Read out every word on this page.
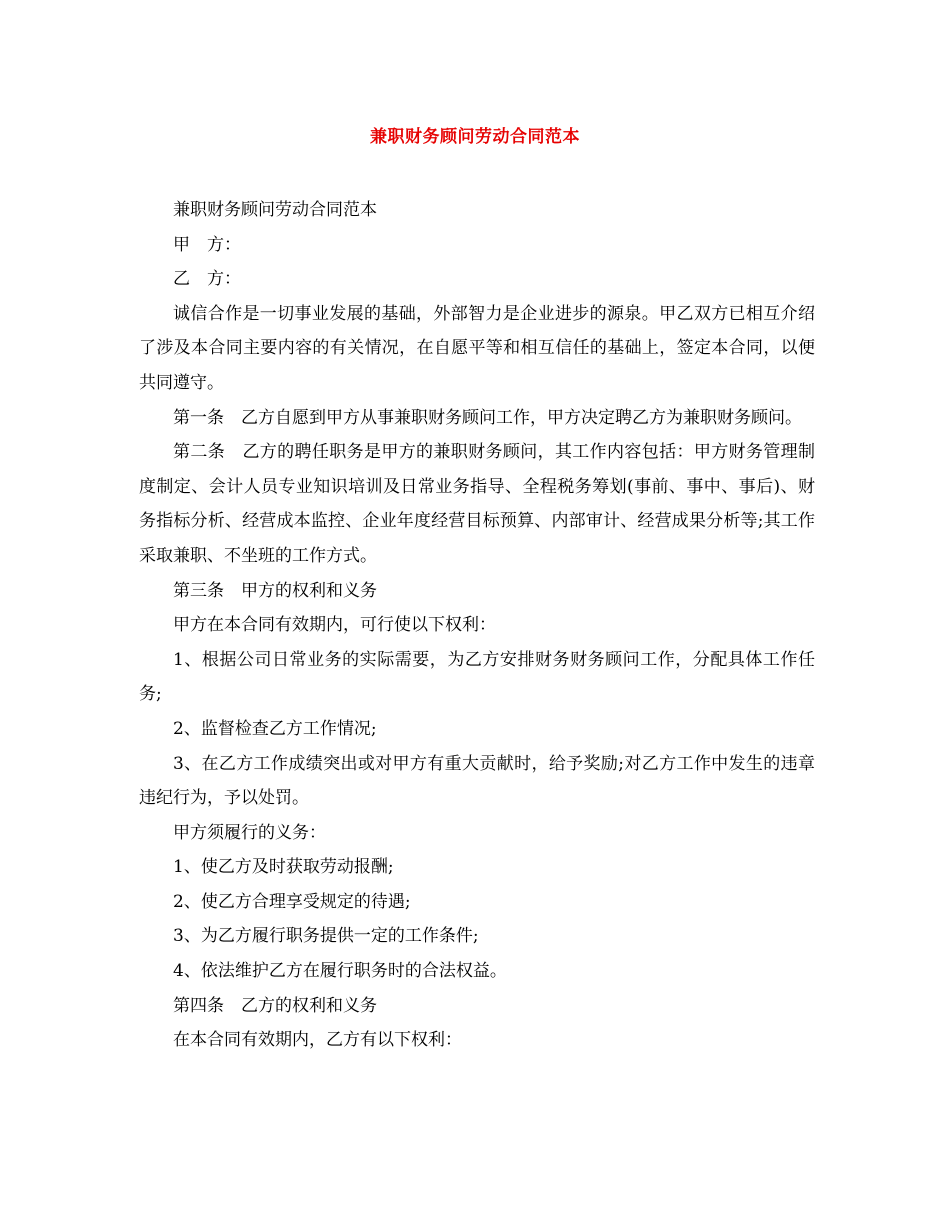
兼职财务顾问劳动合同范本

兼职财务顾问劳动合同范本

甲　方：

乙　方：

诚信合作是一切事业发展的基础，外部智力是企业进步的源泉。甲乙双方已相互介绍了涉及本合同主要内容的有关情况，在自愿平等和相互信任的基础上，签定本合同，以便共同遵守。

第一条　乙方自愿到甲方从事兼职财务顾问工作，甲方决定聘乙方为兼职财务顾问。

第二条　乙方的聘任职务是甲方的兼职财务顾问，其工作内容包括：甲方财务管理制度制定、会计人员专业知识培训及日常业务指导、全程税务筹划(事前、事中、事后)、财务指标分析、经营成本监控、企业年度经营目标预算、内部审计、经营成果分析等;其工作采取兼职、不坐班的工作方式。

第三条　甲方的权利和义务

甲方在本合同有效期内，可行使以下权利：

1、根据公司日常业务的实际需要，为乙方安排财务财务顾问工作，分配具体工作任务;

2、监督检查乙方工作情况;

3、在乙方工作成绩突出或对甲方有重大贡献时，给予奖励;对乙方工作中发生的违章违纪行为，予以处罚。

甲方须履行的义务：

1、使乙方及时获取劳动报酬;

2、使乙方合理享受规定的待遇;

3、为乙方履行职务提供一定的工作条件;

4、依法维护乙方在履行职务时的合法权益。

第四条　乙方的权利和义务

在本合同有效期内，乙方有以下权利：
